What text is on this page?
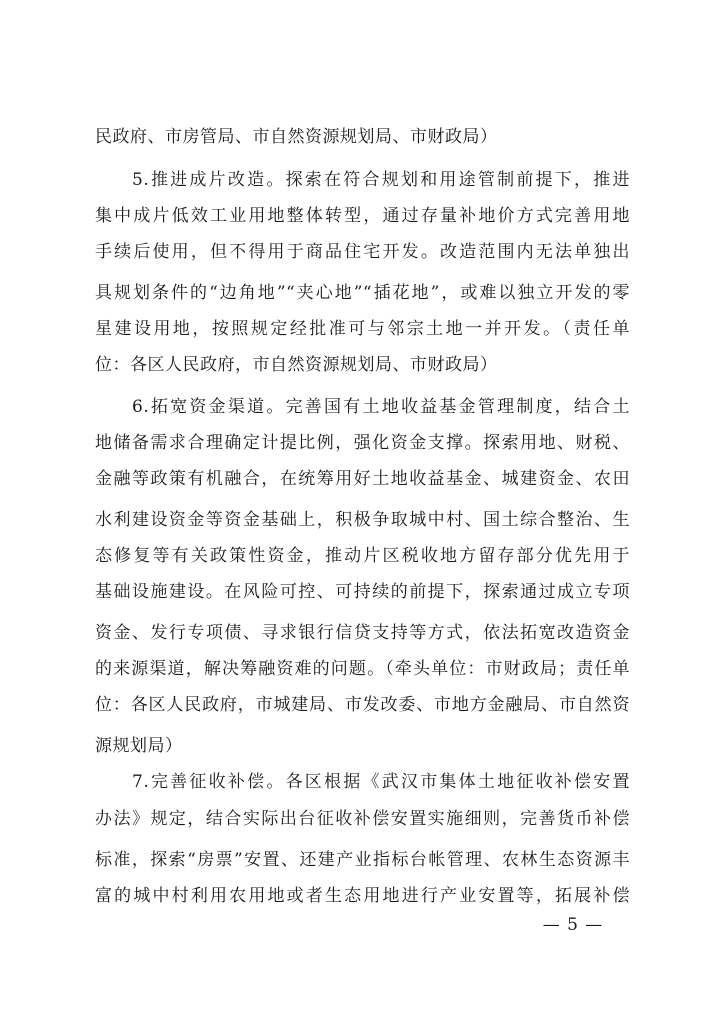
民政府、市房管局、市自然资源规划局、市财政局）
5.推进成片改造。探索在符合规划和用途管制前提下，推进
集中成片低效工业用地整体转型，通过存量补地价方式完善用地
手续后使用，但不得用于商品住宅开发。改造范围内无法单独出
具规划条件的“边角地”“夹心地”“插花地”，或难以独立开发的零
星建设用地，按照规定经批准可与邻宗土地一并开发。（责任单
位：各区人民政府，市自然资源规划局、市财政局）
6.拓宽资金渠道。完善国有土地收益基金管理制度，结合土
地储备需求合理确定计提比例，强化资金支撑。探索用地、财税、
金融等政策有机融合，在统筹用好土地收益基金、城建资金、农田
水利建设资金等资金基础上，积极争取城中村、国土综合整治、生
态修复等有关政策性资金，推动片区税收地方留存部分优先用于
基础设施建设。在风险可控、可持续的前提下，探索通过成立专项
资金、发行专项债、寻求银行信贷支持等方式，依法拓宽改造资金
的来源渠道，解决筹融资难的问题。（牵头单位：市财政局；责任单
位：各区人民政府，市城建局、市发改委、市地方金融局、市自然资
源规划局）
7.完善征收补偿。各区根据《武汉市集体土地征收补偿安置
办法》规定，结合实际出台征收补偿安置实施细则，完善货币补偿
标准，探索“房票”安置、还建产业指标台帐管理、农林生态资源丰
富的城中村利用农用地或者生态用地进行产业安置等，拓展补偿
— 5 —
